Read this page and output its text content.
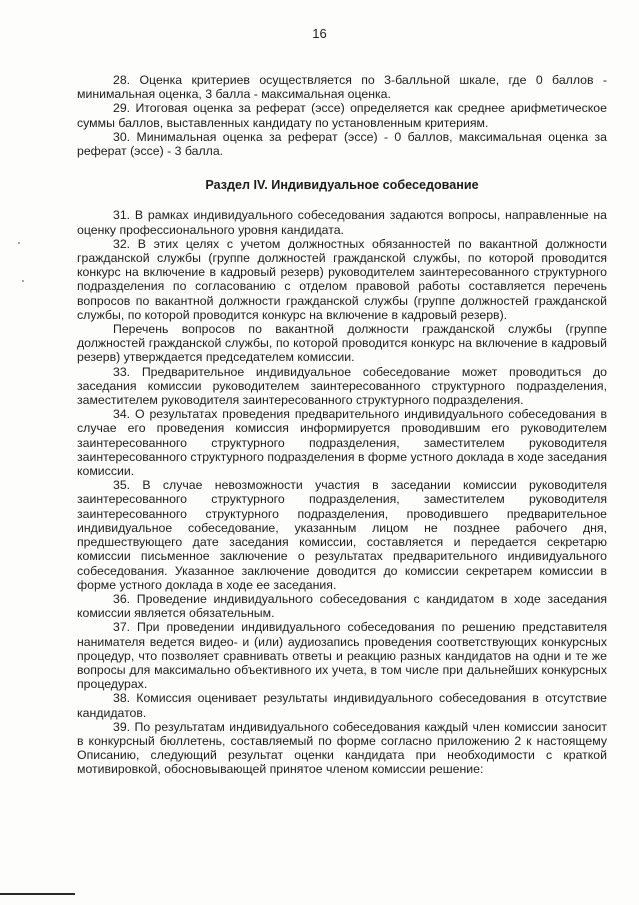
16

28. Оценка критериев осуществляется по 3-балльной шкале, где 0 баллов - минимальная оценка, 3 балла - максимальная оценка.

29. Итоговая оценка за реферат (эссе) определяется как среднее арифметическое суммы баллов, выставленных кандидату по установленным критериям.

30. Минимальная оценка за реферат (эссе) - 0 баллов, максимальная оценка за реферат (эссе) - 3 балла.

Раздел IV. Индивидуальное собеседование

31. В рамках индивидуального собеседования задаются вопросы, направленные на оценку профессионального уровня кандидата.

32. В этих целях с учетом должностных обязанностей по вакантной должности гражданской службы (группе должностей гражданской службы, по которой проводится конкурс на включение в кадровый резерв) руководителем заинтересованного структурного подразделения по согласованию с отделом правовой работы составляется перечень вопросов по вакантной должности гражданской службы (группе должностей гражданской службы, по которой проводится конкурс на включение в кадровый резерв).

Перечень вопросов по вакантной должности гражданской службы (группе должностей гражданской службы, по которой проводится конкурс на включение в кадровый резерв) утверждается председателем комиссии.

33. Предварительное индивидуальное собеседование может проводиться до заседания комиссии руководителем заинтересованного структурного подразделения, заместителем руководителя заинтересованного структурного подразделения.

34. О результатах проведения предварительного индивидуального собеседования в случае его проведения комиссия информируется проводившим его руководителем заинтересованного структурного подразделения, заместителем руководителя заинтересованного структурного подразделения в форме устного доклада в ходе заседания комиссии.

35. В случае невозможности участия в заседании комиссии руководителя заинтересованного структурного подразделения, заместителем руководителя заинтересованного структурного подразделения, проводившего предварительное индивидуальное собеседование, указанным лицом не позднее рабочего дня, предшествующего дате заседания комиссии, составляется и передается секретарю комиссии письменное заключение о результатах предварительного индивидуального собеседования. Указанное заключение доводится до комиссии секретарем комиссии в форме устного доклада в ходе ее заседания.

36. Проведение индивидуального собеседования с кандидатом в ходе заседания комиссии является обязательным.

37. При проведении индивидуального собеседования по решению представителя нанимателя ведется видео- и (или) аудиозапись проведения соответствующих конкурсных процедур, что позволяет сравнивать ответы и реакцию разных кандидатов на одни и те же вопросы для максимально объективного их учета, в том числе при дальнейших конкурсных процедурах.

38. Комиссия оценивает результаты индивидуального собеседования в отсутствие кандидатов.

39. По результатам индивидуального собеседования каждый член комиссии заносит в конкурсный бюллетень, составляемый по форме согласно приложению 2 к настоящему Описанию, следующий результат оценки кандидата при необходимости с краткой мотивировкой, обосновывающей принятое членом комиссии решение:
